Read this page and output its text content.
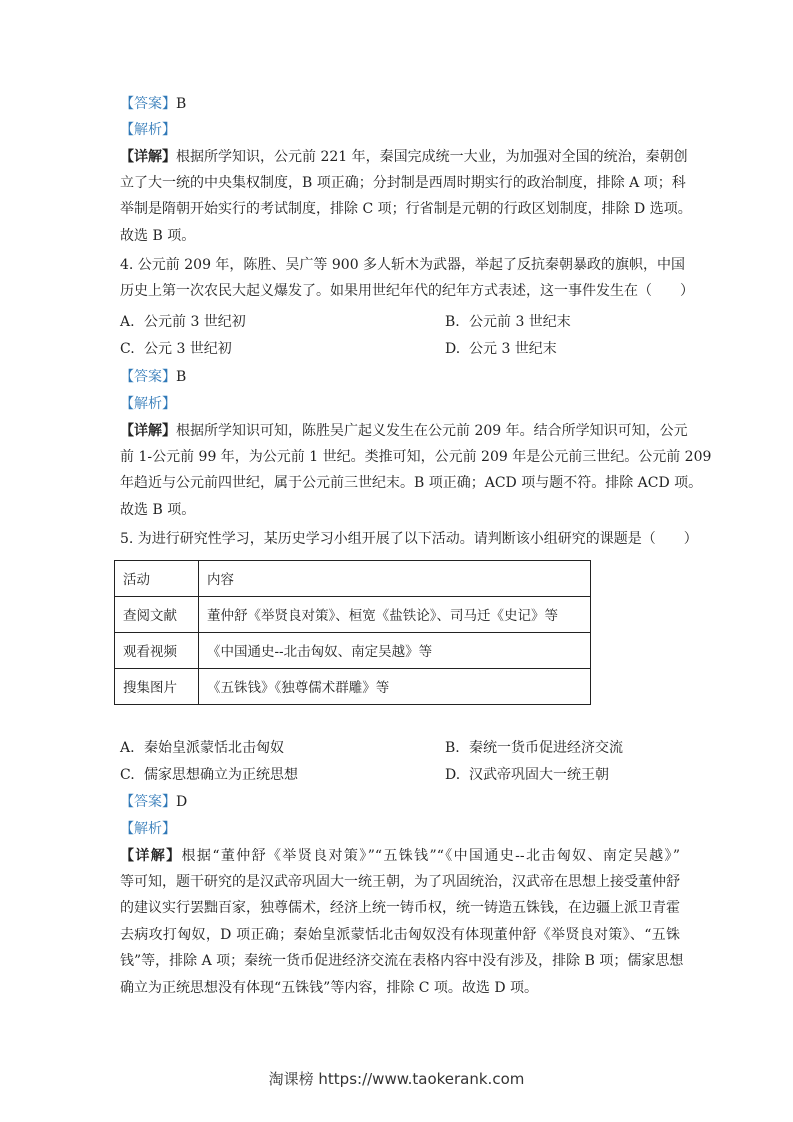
【答案】B
【解析】
【详解】根据所学知识，公元前 221 年，秦国完成统一大业，为加强对全国的统治，秦朝创
立了大一统的中央集权制度，B 项正确；分封制是西周时期实行的政治制度，排除 A 项；科
举制是隋朝开始实行的考试制度，排除 C 项；行省制是元朝的行政区划制度，排除 D 选项。
故选 B 项。
4. 公元前 209 年，陈胜、吴广等 900 多人斩木为武器，举起了反抗秦朝暴政的旗帜，中国
历史上第一次农民大起义爆发了。如果用世纪年代的纪年方式表述，这一事件发生在（　　）
A. 公元前 3 世纪初	B. 公元前 3 世纪末
C. 公元 3 世纪初	D. 公元 3 世纪末
【答案】B
【解析】
【详解】根据所学知识可知，陈胜吴广起义发生在公元前 209 年。结合所学知识可知，公元
前 1-公元前 99 年，为公元前 1 世纪。类推可知，公元前 209 年是公元前三世纪。公元前 209
年趋近与公元前四世纪，属于公元前三世纪末。B 项正确；ACD 项与题不符。排除 ACD 项。
故选 B 项。
5. 为进行研究性学习，某历史学习小组开展了以下活动。请判断该小组研究的课题是（　　）
活动	内容
查阅文献	董仲舒《举贤良对策》、桓宽《盐铁论》、司马迁《史记》等
观看视频	《中国通史--北击匈奴、南定吴越》等
搜集图片	《五铢钱》《独尊儒术群雕》等
A. 秦始皇派蒙恬北击匈奴	B. 秦统一货币促进经济交流
C. 儒家思想确立为正统思想	D. 汉武帝巩固大一统王朝
【答案】D
【解析】
【详解】根据“董仲舒《举贤良对策》”“五铢钱”“《中国通史--北击匈奴、南定吴越》”
等可知，题干研究的是汉武帝巩固大一统王朝，为了巩固统治，汉武帝在思想上接受董仲舒
的建议实行罢黜百家，独尊儒术，经济上统一铸币权，统一铸造五铢钱，在边疆上派卫青霍
去病攻打匈奴，D 项正确；秦始皇派蒙恬北击匈奴没有体现董仲舒《举贤良对策》、“五铢
钱”等，排除 A 项；秦统一货币促进经济交流在表格内容中没有涉及，排除 B 项；儒家思想
确立为正统思想没有体现“五铢钱”等内容，排除 C 项。故选 D 项。
淘课榜 https://www.taokerank.com
